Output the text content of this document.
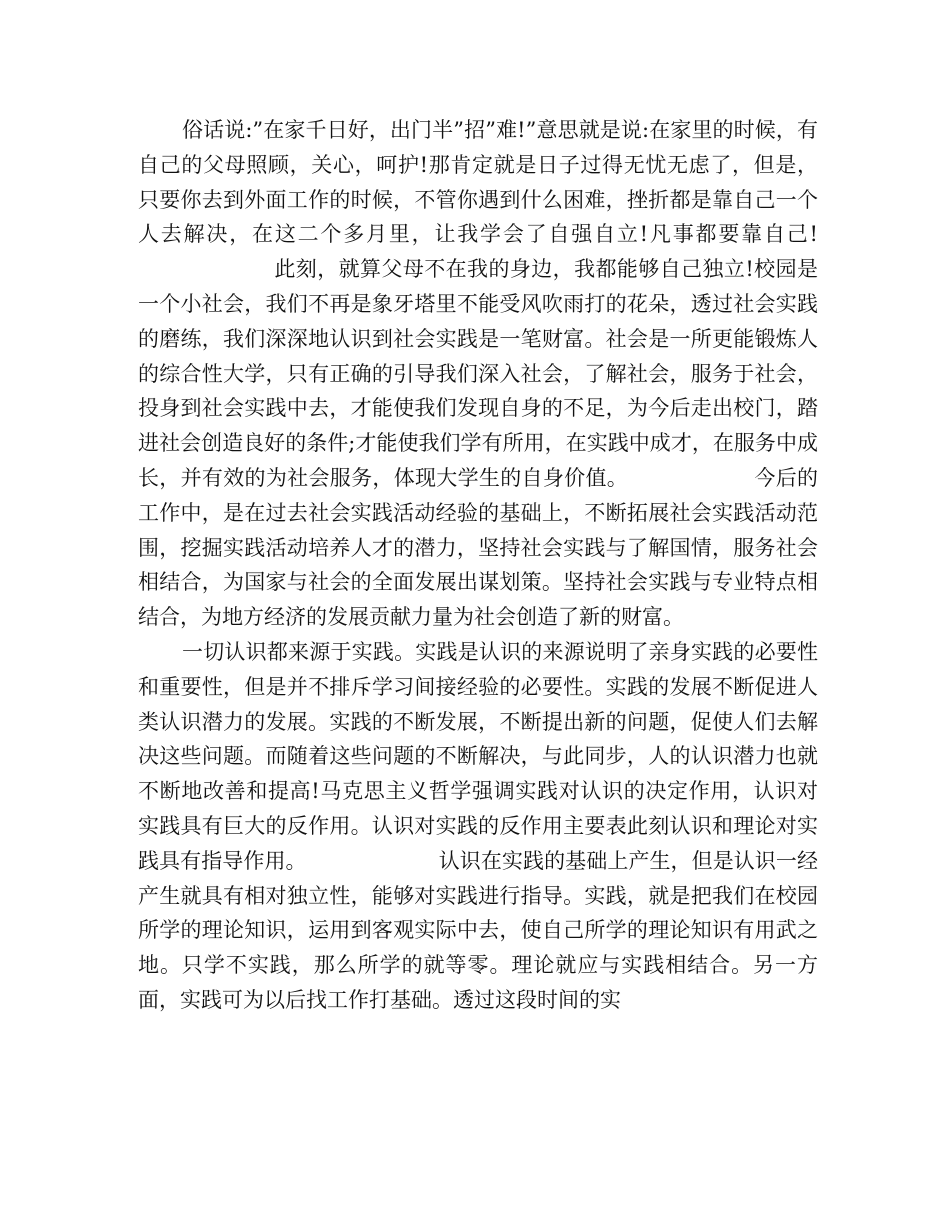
俗话说:”在家千日好，出门半”招”难!”意思就是说:在家里的时候，有自己的父母照顾，关心，呵护!那肯定就是日子过得无忧无虑了，但是，只要你去到外面工作的时候，不管你遇到什么困难，挫折都是靠自己一个人去解决，在这二个多月里，让我学会了自强自立!凡事都要靠自己!此刻，就算父母不在我的身边，我都能够自己独立!校园是一个小社会，我们不再是象牙塔里不能受风吹雨打的花朵，透过社会实践的磨练，我们深深地认识到社会实践是一笔财富。社会是一所更能锻炼人的综合性大学，只有正确的引导我们深入社会，了解社会，服务于社会，投身到社会实践中去，才能使我们发现自身的不足，为今后走出校门，踏进社会创造良好的条件;才能使我们学有所用，在实践中成才，在服务中成长，并有效的为社会服务，体现大学生的自身价值。	今后的工作中，是在过去社会实践活动经验的基础上，不断拓展社会实践活动范围，挖掘实践活动培养人才的潜力，坚持社会实践与了解国情，服务社会相结合，为国家与社会的全面发展出谋划策。坚持社会实践与专业特点相结合，为地方经济的发展贡献力量为社会创造了新的财富。

一切认识都来源于实践。实践是认识的来源说明了亲身实践的必要性和重要性，但是并不排斥学习间接经验的必要性。实践的发展不断促进人类认识潜力的发展。实践的不断发展，不断提出新的问题，促使人们去解决这些问题。而随着这些问题的不断解决，与此同步，人的认识潜力也就不断地改善和提高!马克思主义哲学强调实践对认识的决定作用，认识对实践具有巨大的反作用。认识对实践的反作用主要表此刻认识和理论对实践具有指导作用。	认识在实践的基础上产生，但是认识一经产生就具有相对独立性，能够对实践进行指导。实践，就是把我们在校园所学的理论知识，运用到客观实际中去，使自己所学的理论知识有用武之地。只学不实践，那么所学的就等零。理论就应与实践相结合。另一方面，实践可为以后找工作打基础。透过这段时间的实
